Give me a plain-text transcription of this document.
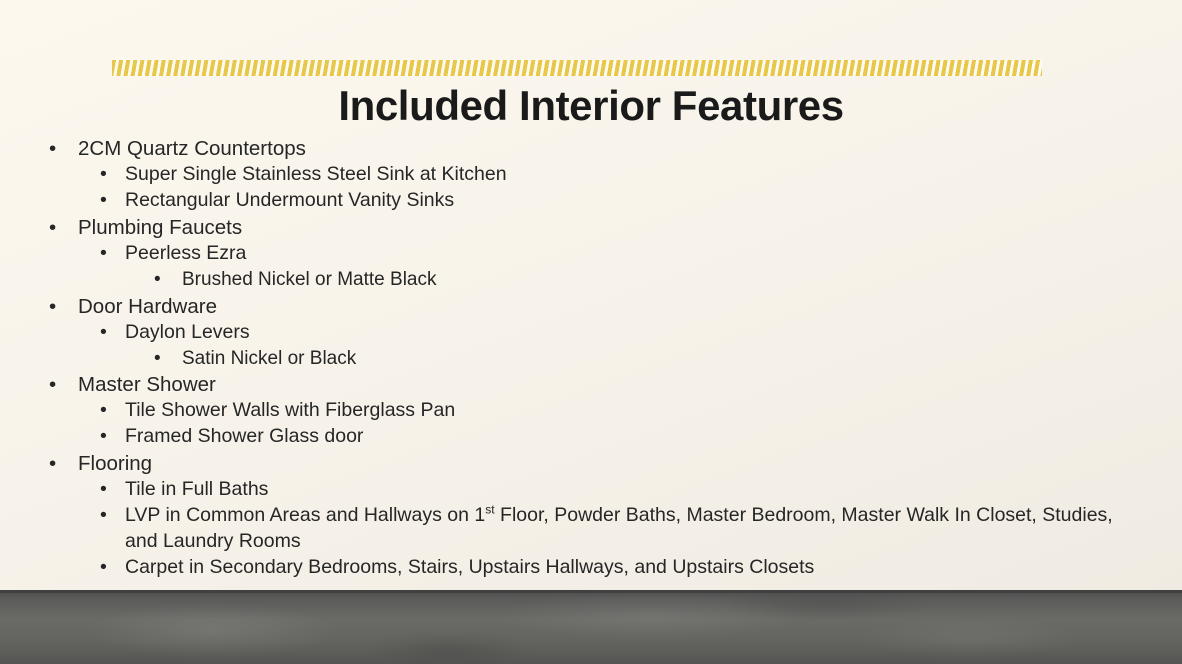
Included Interior Features
•	2CM Quartz Countertops
• Super Single Stainless Steel Sink at Kitchen
• Rectangular Undermount Vanity Sinks
•	Plumbing Faucets
• Peerless Ezra
•	Brushed Nickel or Matte Black
•	Door Hardware
• Daylon Levers
•	Satin Nickel or Black
•	Master Shower
• Tile Shower Walls with Fiberglass Pan
• Framed Shower Glass door
•	Flooring
• Tile in Full Baths
• LVP in Common Areas and Hallways on 1st Floor, Powder Baths, Master Bedroom, Master Walk In Closet, Studies, and Laundry Rooms
• Carpet in Secondary Bedrooms, Stairs, Upstairs Hallways, and Upstairs Closets
